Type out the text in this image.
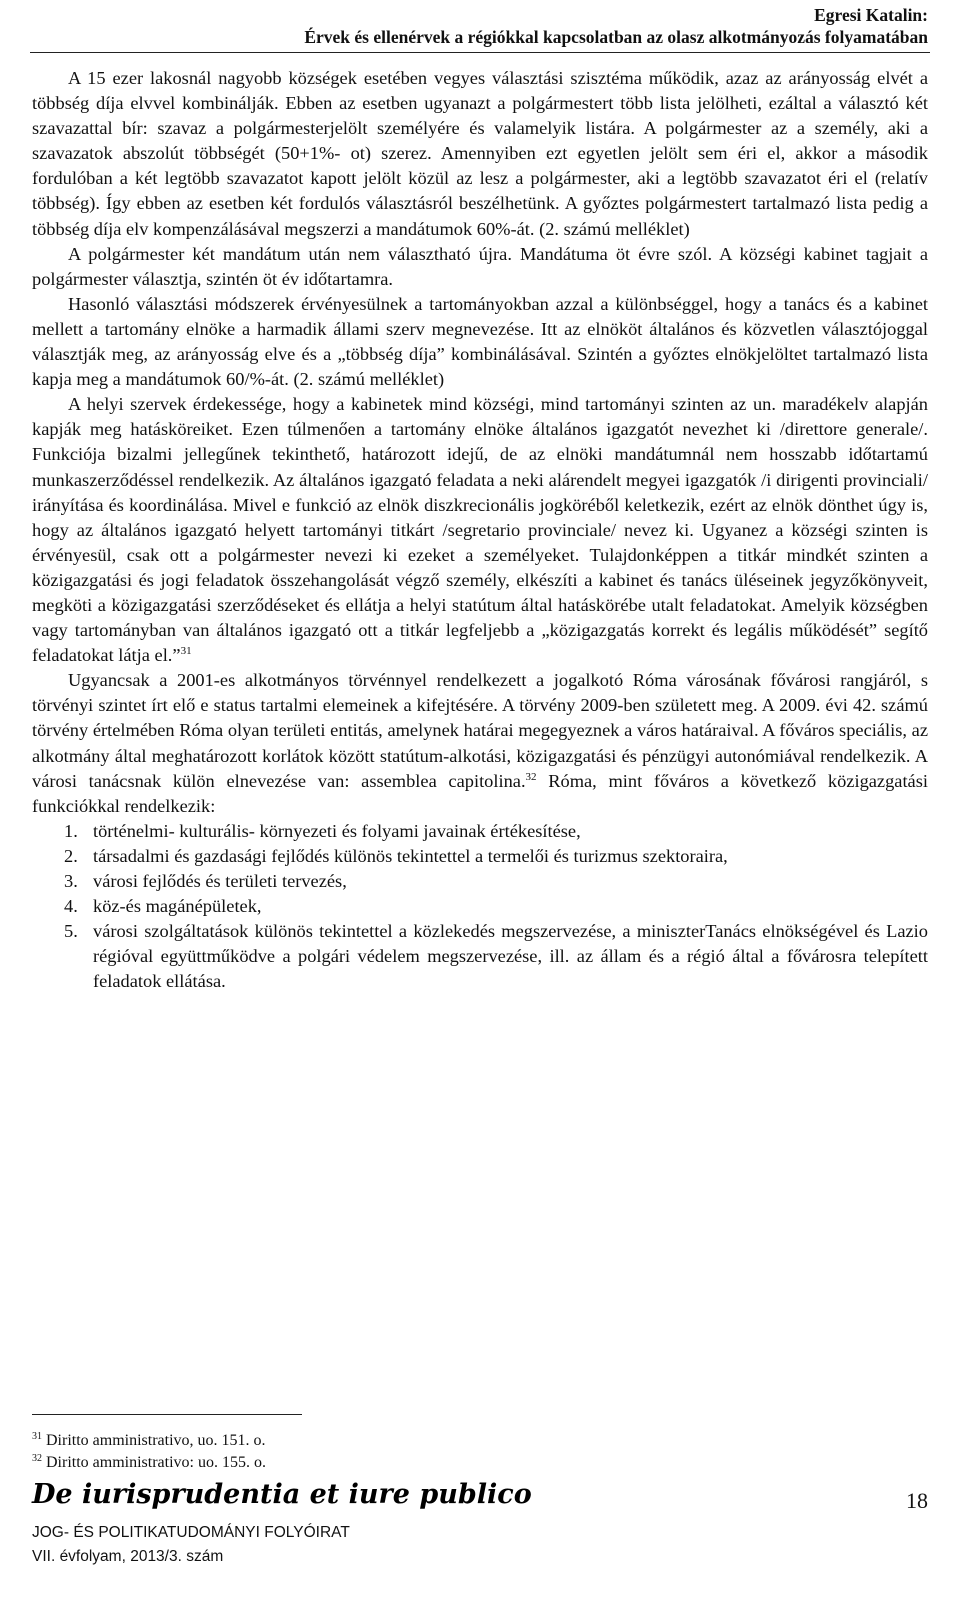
Egresi Katalin:
Érvek és ellenérvek a régiókkal kapcsolatban az olasz alkotmányozás folyamatában

A 15 ezer lakosnál nagyobb községek esetében vegyes választási szisztéma működik, azaz az arányosság elvét a többség díja elvvel kombinálják. Ebben az esetben ugyanazt a polgármestert több lista jelölheti, ezáltal a választó két szavazattal bír: szavaz a polgármesterjelölt személyére és valamelyik listára. A polgármester az a személy, aki a szavazatok abszolút többségét (50+1%- ot) szerez. Amennyiben ezt egyetlen jelölt sem éri el, akkor a második fordulóban a két legtöbb szavazatot kapott jelölt közül az lesz a polgármester, aki a legtöbb szavazatot éri el (relatív többség). Így ebben az esetben két fordulós választásról beszélhetünk. A győztes polgármestert tartalmazó lista pedig a többség díja elv kompenzálásával megszerzi a mandátumok 60%-át. (2. számú melléklet)

A polgármester két mandátum után nem választható újra. Mandátuma öt évre szól. A községi kabinet tagjait a polgármester választja, szintén öt év időtartamra.

Hasonló választási módszerek érvényesülnek a tartományokban azzal a különbséggel, hogy a tanács és a kabinet mellett a tartomány elnöke a harmadik állami szerv megnevezése. Itt az elnököt általános és közvetlen választójoggal választják meg, az arányosság elve és a „többség díja” kombinálásával. Szintén a győztes elnökjelöltet tartalmazó lista kapja meg a mandátumok 60/%-át. (2. számú melléklet)

A helyi szervek érdekessége, hogy a kabinetek mind községi, mind tartományi szinten az un. maradékelv alapján kapják meg hatásköreiket. Ezen túlmenően a tartomány elnöke általános igazgatót nevezhet ki /direttore generale/. Funkciója bizalmi jellegűnek tekinthető, határozott idejű, de az elnöki mandátumnál nem hosszabb időtartamú munkaszerződéssel rendelkezik. Az általános igazgató feladata a neki alárendelt megyei igazgatók /i dirigenti provinciali/ irányítása és koordinálása. Mivel e funkció az elnök diszkrecionális jogköréből keletkezik, ezért az elnök dönthet úgy is, hogy az általános igazgató helyett tartományi titkárt /segretario provinciale/ nevez ki. Ugyanez a községi szinten is érvényesül, csak ott a polgármester nevezi ki ezeket a személyeket. Tulajdonképpen a titkár mindkét szinten a közigazgatási és jogi feladatok összehangolását végző személy, elkészíti a kabinet és tanács üléseinek jegyzőkönyveit, megköti a közigazgatási szerződéseket és ellátja a helyi statútum által hatáskörébe utalt feladatokat. Amelyik községben vagy tartományban van általános igazgató ott a titkár legfeljebb a „közigazgatás korrekt és legális működését” segítő feladatokat látja el.”$^{31}$

Ugyancsak a 2001-es alkotmányos törvénnyel rendelkezett a jogalkotó Róma városának fővárosi rangjáról, s törvényi szintet írt elő e status tartalmi elemeinek a kifejtésére. A törvény 2009-ben született meg. A 2009. évi 42. számú törvény értelmében Róma olyan területi entitás, amelynek határai megegyeznek a város határaival. A főváros speciális, az alkotmány által meghatározott korlátok között statútum-alkotási, közigazgatási és pénzügyi autonómiával rendelkezik. A városi tanácsnak külön elnevezése van: assemblea capitolina.$^{32}$ Róma, mint főváros a következő közigazgatási funkciókkal rendelkezik:

1. történelmi- kulturális- környezeti és folyami javainak értékesítése,
2. társadalmi és gazdasági fejlődés különös tekintettel a termelői és turizmus szektoraira,
3. városi fejlődés és területi tervezés,
4. köz-és magánépületek,
5. városi szolgáltatások különös tekintettel a közlekedés megszervezése, a miniszterTanács elnökségével és Lazio régióval együttműködve a polgári védelem megszervezése, ill. az állam és a régió által a fővárosra telepített feladatok ellátása.
$^{31}$ Diritto amministrativo, uo. 151. o.
$^{32}$ Diritto amministrativo: uo. 155. o.
De iurisprudentia et iure publico	18
JOG- ÉS POLITIKATUDOMÁNYI FOLYÓIRAT
VII. évfolyam, 2013/3. szám
